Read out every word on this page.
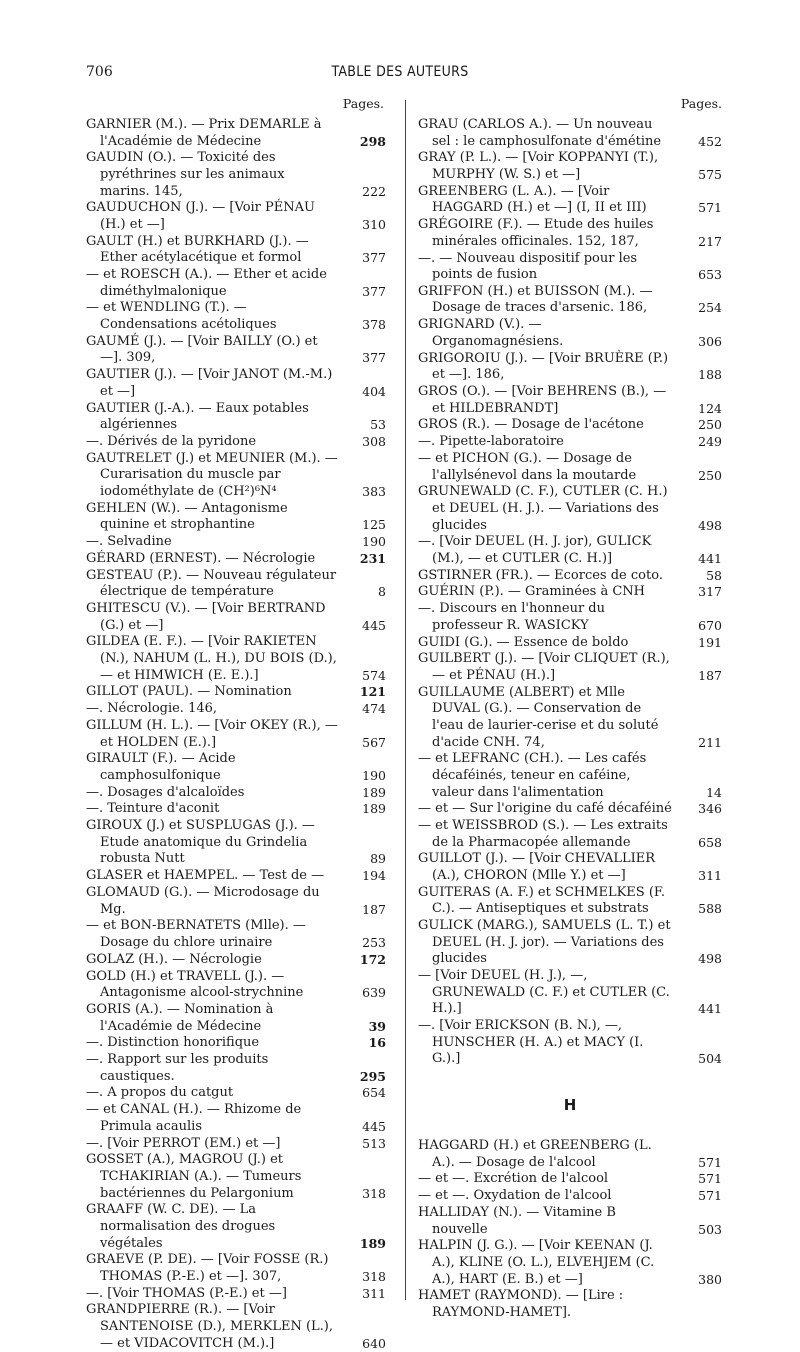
706	TABLE DES AUTEURS
Pages.
GARNIER (M.). — Prix DEMARLE à l'Académie de Médecine	298
GAUDIN (O.). — Toxicité des pyréthrines sur les animaux marins. 145,	222
GAUDUCHON (J.). — [Voir PÉNAU (H.) et —]	310
GAULT (H.) et BURKHARD (J.). — Ether acétylacétique et formol	377
— et ROESCH (A.). — Ether et acide diméthylmalonique	377
— et WENDLING (T.). — Condensations acétoliques	378
GAUMÉ (J.). — [Voir BAILLY (O.) et —]. 309,	377
GAUTIER (J.). — [Voir JANOT (M.-M.) et —]	404
GAUTIER (J.-A.). — Eaux potables algériennes	53
—. Dérivés de la pyridone	308
GAUTRELET (J.) et MEUNIER (M.). — Curarisation du muscle par iodométhylate de (CH²)⁶N⁴	383
GEHLEN (W.). — Antagonisme quinine et strophantine	125
—. Selvadine	190
GÉRARD (ERNEST). — Nécrologie	231
GESTEAU (P.). — Nouveau régulateur électrique de température	8
GHITESCU (V.). — [Voir BERTRAND (G.) et —]	445
GILDEA (E. F.). — [Voir RAKIETEN (N.), NAHUM (L. H.), DU BOIS (D.), — et HIMWICH (E. E.).]	574
GILLOT (PAUL). — Nomination	121
—. Nécrologie. 146,	474
GILLUM (H. L.). — [Voir OKEY (R.), — et HOLDEN (E.).]	567
GIRAULT (F.). — Acide camphosulfonique	190
—. Dosages d'alcaloïdes	189
—. Teinture d'aconit	189
GIROUX (J.) et SUSPLUGAS (J.). — Etude anatomique du Grindelia robusta Nutt	89
GLASER et HAEMPEL. — Test de —	194
GLOMAUD (G.). — Microdosage du Mg.	187
— et BON-BERNATETS (Mlle). — Dosage du chlore urinaire	253
GOLAZ (H.). — Nécrologie	172
GOLD (H.) et TRAVELL (J.). — Antagonisme alcool-strychnine	639
GORIS (A.). — Nomination à l'Académie de Médecine	39
—. Distinction honorifique	16
—. Rapport sur les produits caustiques.	295
—. A propos du catgut	654
— et CANAL (H.). — Rhizome de Primula acaulis	445
—. [Voir PERROT (EM.) et —]	513
GOSSET (A.), MAGROU (J.) et TCHAKIRIAN (A.). — Tumeurs bactériennes du Pelargonium	318
GRAAFF (W. C. DE). — La normalisation des drogues végétales	189
GRAEVE (P. DE). — [Voir FOSSE (R.) THOMAS (P.-E.) et —]. 307,	318
—. [Voir THOMAS (P.-E.) et —]	311
GRANDPIERRE (R.). — [Voir SANTENOISE (D.), MERKLEN (L.), — et VIDACOVITCH (M.).]	640
Pages.
GRAU (CARLOS A.). — Un nouveau sel : le camphosulfonate d'émétine	452
GRAY (P. L.). — [Voir KOPPANYI (T.), MURPHY (W. S.) et —]	575
GREENBERG (L. A.). — [Voir HAGGARD (H.) et —] (I, II et III)	571
GRÉGOIRE (F.). — Etude des huiles minérales officinales. 152, 187,	217
—. — Nouveau dispositif pour les points de fusion	653
GRIFFON (H.) et BUISSON (M.). — Dosage de traces d'arsenic. 186,	254
GRIGNARD (V.). — Organomagnésiens.	306
GRIGOROIU (J.). — [Voir BRUÈRE (P.) et —]. 186,	188
GROS (O.). — [Voir BEHRENS (B.), — et HILDEBRANDT]	124
GROS (R.). — Dosage de l'acétone	250
—. Pipette-laboratoire	249
— et PICHON (G.). — Dosage de l'allylsénevol dans la moutarde	250
GRUNEWALD (C. F.), CUTLER (C. H.) et DEUEL (H. J.). — Variations des glucides	498
—. [Voir DEUEL (H. J. jor), GULICK (M.), — et CUTLER (C. H.)]	441
GSTIRNER (FR.). — Ecorces de coto.	58
GUÉRIN (P.). — Graminées à CNH	317
—. Discours en l'honneur du professeur R. WASICKY	670
GUIDI (G.). — Essence de boldo	191
GUILBERT (J.). — [Voir CLIQUET (R.), — et PÉNAU (H.).]	187
GUILLAUME (ALBERT) et Mlle DUVAL (G.). — Conservation de l'eau de laurier-cerise et du soluté d'acide CNH. 74,	211
— et LEFRANC (CH.). — Les cafés décaféinés, teneur en caféine, valeur dans l'alimentation	14
— et — Sur l'origine du café décaféiné	346
— et WEISSBROD (S.). — Les extraits de la Pharmacopée allemande	658
GUILLOT (J.). — [Voir CHEVALLIER (A.), CHORON (Mlle Y.) et —]	311
GUITERAS (A. F.) et SCHMELKES (F. C.). — Antiseptiques et substrats	588
GULICK (MARG.), SAMUELS (L. T.) et DEUEL (H. J. jor). — Variations des glucides	498
— [Voir DEUEL (H. J.), —, GRUNEWALD (C. F.) et CUTLER (C. H.).]	441
—. [Voir ERICKSON (B. N.), —, HUNSCHER (H. A.) et MACY (I. G.).]	504
H
HAGGARD (H.) et GREENBERG (L. A.). — Dosage de l'alcool	571
— et —. Excrétion de l'alcool	571
— et —. Oxydation de l'alcool	571
HALLIDAY (N.). — Vitamine B nouvelle	503
HALPIN (J. G.). — [Voir KEENAN (J. A.), KLINE (O. L.), ELVEHJEM (C. A.), HART (E. B.) et —]	380
HAMET (RAYMOND). — [Lire : RAYMOND-HAMET].
